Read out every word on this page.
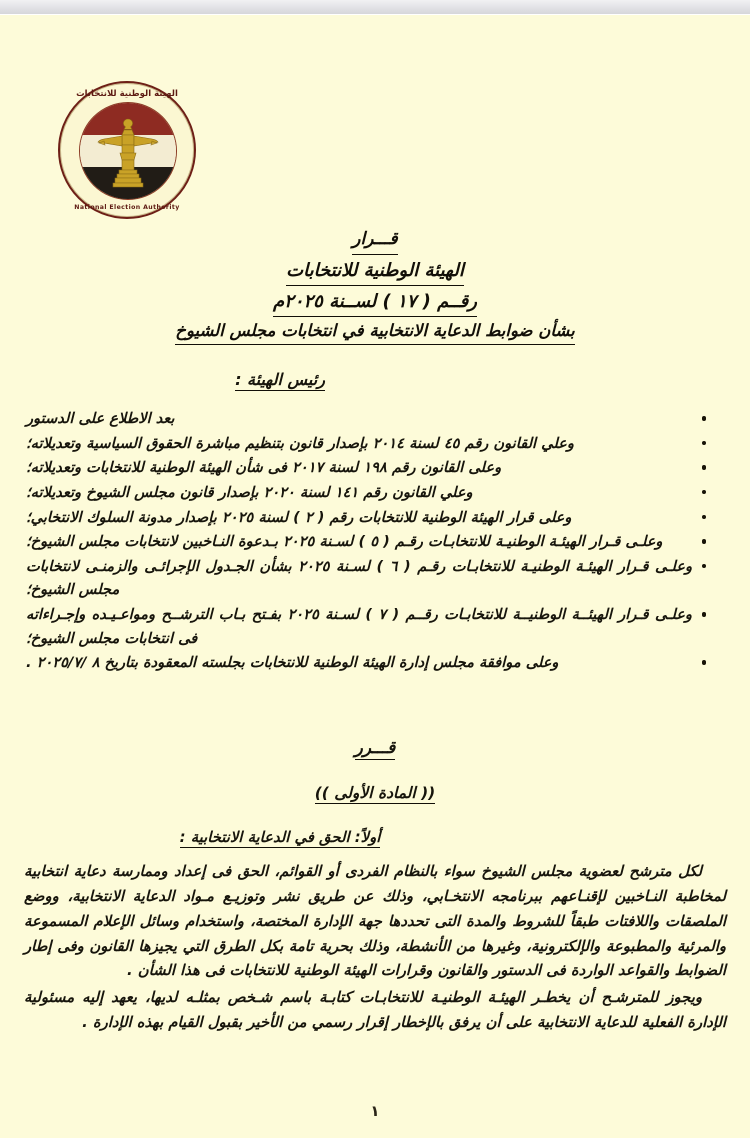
الهيئة الوطنية للانتخابات
National Election Authority
قـــرار
الهيئة الوطنية للانتخابات
رقــم ( ١٧ ) لســنة ٢٠٢٥م
بشأن ضوابط الدعاية الانتخابية في انتخابات مجلس الشيوخ
رئيس الهيئة :
بعد الاطلاع على الدستور
وعلي القانون رقم ٤٥ لسنة ٢٠١٤ بإصدار قانون بتنظيم مباشرة الحقوق السياسية وتعديلاته؛
وعلى القانون رقم ١٩٨ لسنة ٢٠١٧ فى شأن الهيئة الوطنية للانتخابات وتعديلاته؛
وعلي القانون رقم ١٤١ لسنة ٢٠٢٠ بإصدار قانون مجلس الشيوخ وتعديلاته؛
وعلى قرار الهيئة الوطنية للانتخابات رقم ( ٢ ) لسنة ٢٠٢٥ بإصدار مدونة السلوك الانتخابي؛
وعلـى قـرار الهيئـة الوطنيـة للانتخابـات رقـم ( ٥ ) لسـنة ٢٠٢٥ بـدعوة النـاخبين لانتخابات مجلس الشيوخ؛
وعلـى قـرار الهيئـة الوطنيـة للانتخابـات رقـم ( ٦ ) لسـنة ٢٠٢٥ بشأن الجـدول الإجرائـى والزمنـى لانتخابات مجلس الشيوخ؛
وعلـى قـرار الهيئــة الوطنيــة للانتخابـات رقــم ( ٧ ) لسـنة ٢٠٢٥ بفـتح بـاب الترشــح ومواعـيـده وإجـراءاته فى انتخابات مجلس الشيوخ؛
وعلى موافقة مجلس إدارة الهيئة الوطنية للانتخابات بجلسته المعقودة بتاريخ ٨ /٢٠٢٥/٧ .
قـــرر
(( المادة الأولى ))
أولاً: الحق في الدعاية الانتخابية :

لكل مترشح لعضوية مجلس الشيوخ سواء بالنظام الفردى أو القوائم، الحق فى إعداد وممارسة دعاية انتخابية لمخاطبة النـاخبين لإقنـاعهم ببرنامجه الانتخـابي، وذلك عن طريق نشر وتوزيـع مـواد الدعاية الانتخابية، ووضع الملصقات واللافتات طبقاً للشروط والمدة التى تحددها جهة الإدارة المختصة، واستخدام وسائل الإعلام المسموعة والمرئية والمطبوعة والإلكترونية، وغيرها من الأنشطة، وذلك بحرية تامة بكل الطرق التي يجيزها القانون وفى إطار الضوابط والقواعد الواردة فى الدستور والقانون وقرارات الهيئة الوطنية للانتخابات فى هذا الشأن .

ويجوز للمترشـح أن يخطـر الهيئـة الوطنيـة للانتخابـات كتابـة باسم شـخص بمثلـه لديها، يعهد إليه مسئولية الإدارة الفعلية للدعاية الانتخابية على أن يرفق بالإخطار إقرار رسمي من الأخير بقبول القيام بهذه الإدارة .

١
